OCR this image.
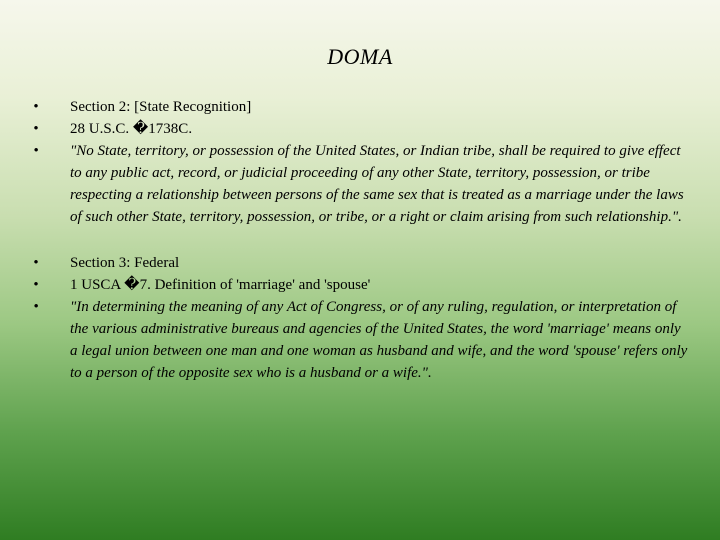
DOMA
• Section 2: [State Recognition]
• 28 U.S.C. �1738C.
• "No State, territory, or possession of the United States, or Indian tribe, shall be required to give effect to any public act, record, or judicial proceeding of any other State, territory, possession, or tribe respecting a relationship between persons of the same sex that is treated as a marriage under the laws of such other State, territory, possession, or tribe, or a right or claim arising from such relationship.".
• Section 3: Federal
• 1 USCA �7. Definition of 'marriage' and 'spouse'
• "In determining the meaning of any Act of Congress, or of any ruling, regulation, or interpretation of the various administrative bureaus and agencies of the United States, the word 'marriage' means only a legal union between one man and one woman as husband and wife, and the word 'spouse' refers only to a person of the opposite sex who is a husband or a wife.".
